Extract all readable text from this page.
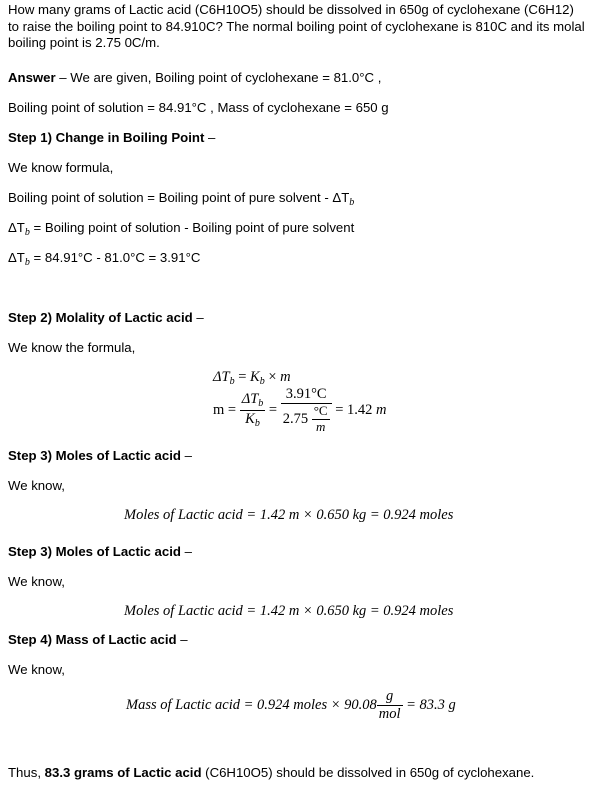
How many grams of Lactic acid (C6H10O5) should be dissolved in 650g of cyclohexane (C6H12) to raise the boiling point to 84.910C? The normal boiling point of cyclohexane is 810C and its molal boiling point is 2.75 0C/m.
Answer – We are given, Boiling point of cyclohexane = 81.0°C ,
Boiling point of solution = 84.91°C , Mass of cyclohexane = 650 g
Step 1) Change in Boiling Point –
We know formula,
Boiling point of solution = Boiling point of pure solvent - $\Delta T_b$
$\Delta T_b$ = Boiling point of solution - Boiling point of pure solvent
$\Delta T_b = 84.91^\circ C - 81.0^\circ C = 3.91^\circ C$
Step 2) Molality of Lactic acid –
We know the formula,
$\Delta T_b = K_b \times m$
$m = \frac{\Delta T_b}{K_b} = \frac{3.91^\circ C}{2.75 \frac{^\circ C}{m}} = 1.42$ m
Step 3) Moles of Lactic acid –
We know,
Moles of Lactic acid = 1.42 m × 0.650 kg = 0.924 moles
Step 3) Moles of Lactic acid –
We know,
Moles of Lactic acid = 1.42 m × 0.650 kg = 0.924 moles
Step 4) Mass of Lactic acid –
We know,
Mass of Lactic acid = 0.924 moles × $90.08 \frac{g}{\text{mol}} = 83.3$ g
Thus, 83.3 grams of Lactic acid (C6H10O5) should be dissolved in 650g of cyclohexane.
